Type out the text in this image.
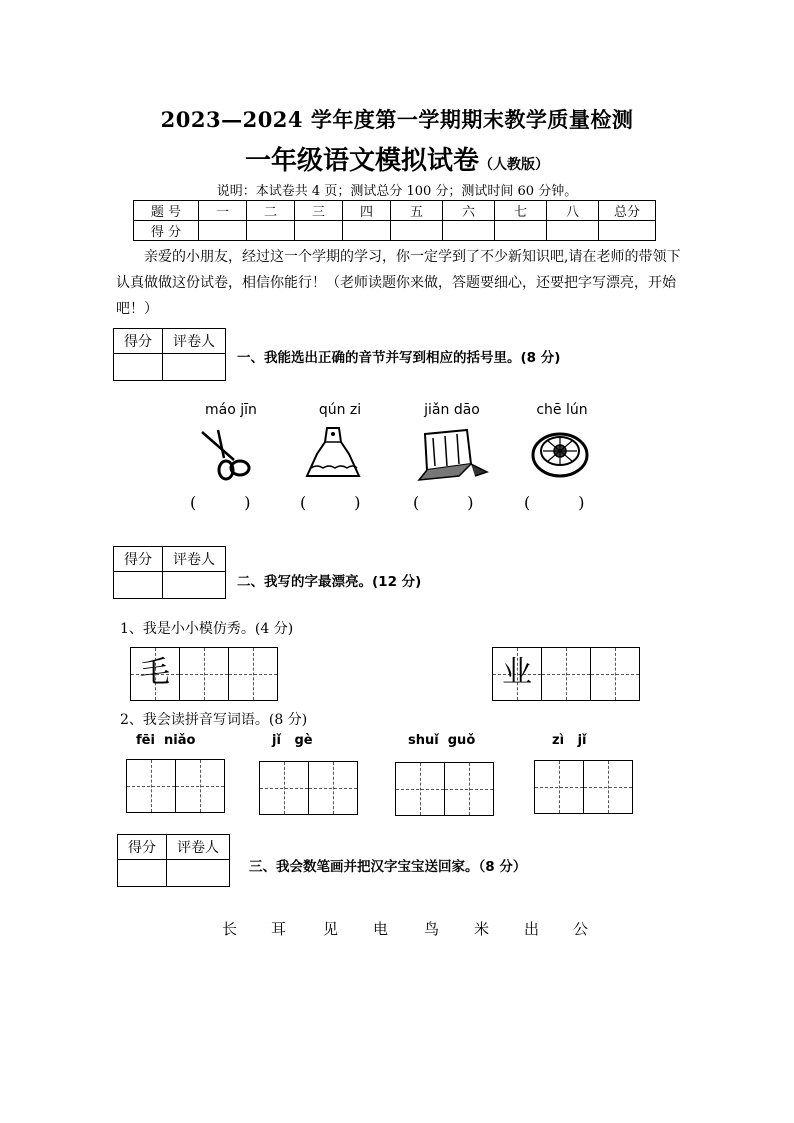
2023—2024 学年度第一学期期末教学质量检测
一年级语文模拟试卷（人教版）
说明：本试卷共 4 页；测试总分 100 分；测试时间 60 分钟。
题 号	一	二	三	四	五	六	七	八	总分
得 分									
亲爱的小朋友，经过这一个学期的学习，你一定学到了不少新知识吧,请在老师的带领下认真做做这份试卷，相信你能行！（老师读题你来做，答题要细心，还要把字写漂亮，开始吧！）
得分	评卷人

一、我能选出正确的音节并写到相应的括号里。(8 分)
máo jīn	qún zi	jiǎn dāo	chē lún
(　　　)	(　　　)	(　　　)	(　　　)
得分	评卷人

二、我写的字最漂亮。(12 分)
1、我是小小模仿秀。(4 分)
毛	业
2、我会读拼音写词语。(8 分)
fēi  niǎo	jǐ   gè	shuǐ  guǒ	zì   jǐ
得分	评卷人

三、我会数笔画并把汉字宝宝送回家。（8 分）
长 耳 见 电 鸟 米 出 公
